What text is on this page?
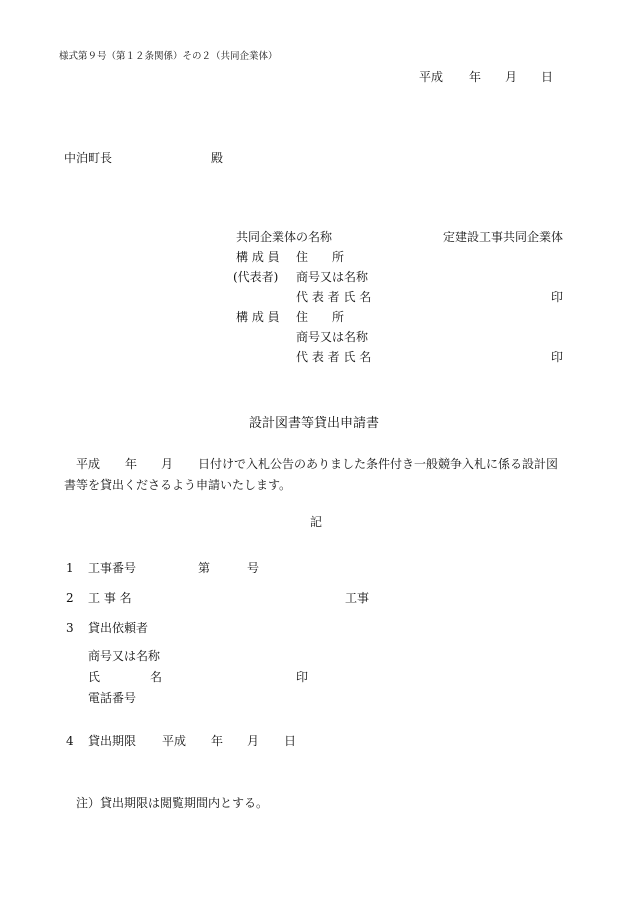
様式第９号（第１２条関係）その２（共同企業体）
平成 年 月 日
中泊町長	殿
共同企業体の名称	定建設工事共同企業体
構 成 員 住　　所
(代表者) 商号又は名称
代 表 者 氏 名	印
構 成 員 住　　所
商号又は名称
代 表 者 氏 名	印
設計図書等貸出申請書
平成 年 月 日付けで入札公告のありました条件付き一般競争入札に係る設計図
書等を貸出くださるよう申請いたします。
記
1 工事番号	第	号
2 工 事 名	工事
3 貸出依頼者
商号又は名称
氏	名	印
電話番号
4 貸出期限 平成 年 月 日
注）貸出期限は閲覧期間内とする。
